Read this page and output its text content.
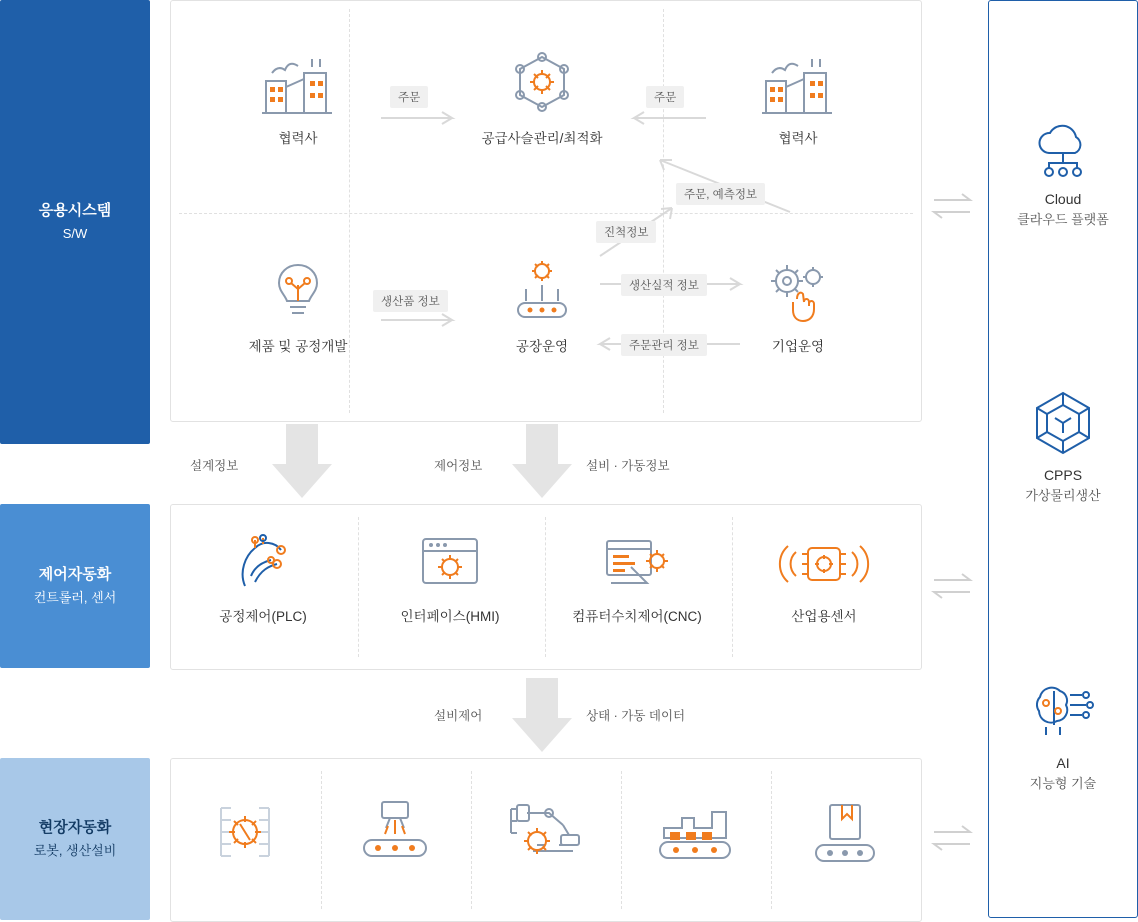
응용시스템
S/W
제어자동화
컨트롤러, 센서
현장자동화
로봇, 생산설비
협력사	공급사슬관리/최적화	협력사
제품 및 공정개발	공장운영	기업운영
주문	주문
주문, 예측정보
진척정보
생산품 정보
생산실적 정보
주문관리 정보
설계정보	제어정보	설비 · 가동정보
공정제어(PLC)	인터페이스(HMI)	컴퓨터수치제어(CNC)	산업용센서
설비제어	상태 · 가동 데이터
Cloud
클라우드 플랫폼
CPPS
가상물리생산
AI
지능형 기술
